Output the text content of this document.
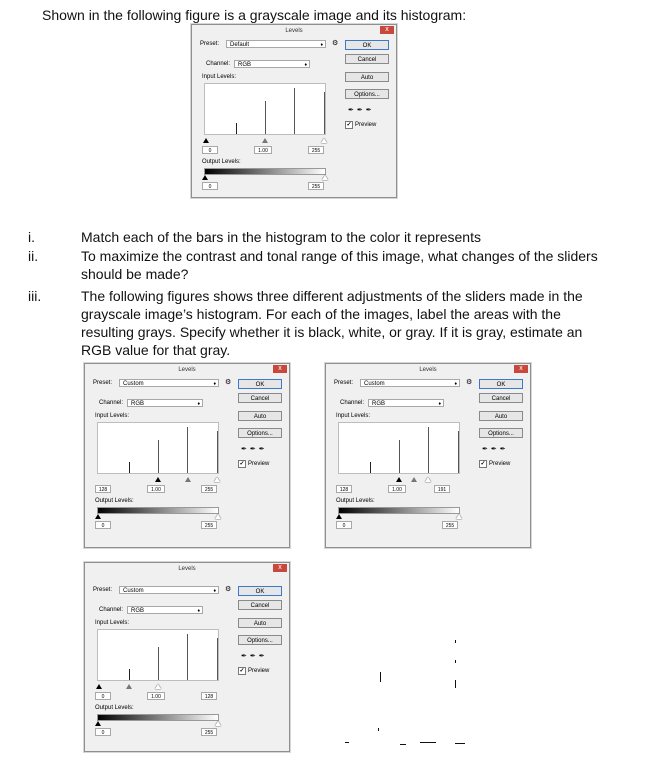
Shown in the following figure is a grayscale image and its histogram:
i.	Match each of the bars in the histogram to the color it represents
ii.	To maximize the contrast and tonal range of this image, what changes of the sliders
should be made?
iii.	The following figures shows three different adjustments of the sliders made in the
grayscale image’s histogram. For each of the images, label the areas with the
resulting grays. Specify whether it is black, white, or gray. If it is gray, estimate an
RGB value for that gray.
Levels	x
Preset:	Default	♦ ⚙
Channel:	RGB	♦
Input Levels:
0	1.00	255
Output Levels:
0	255
OK
Cancel
Auto
Options...
✒✒✒
✓ Preview
Levels	x
Preset:	Custom	♦ ⚙
Channel:	RGB	♦
Input Levels:
128	1.00	255
Output Levels:
0	255
OK
Cancel
Auto
Options...
✒✒✒
✓ Preview
Levels	x
Preset:	Custom	♦ ⚙
Channel:	RGB	♦
Input Levels:
128	1.00	191
Output Levels:
0	255
OK
Cancel
Auto
Options...
✒✒✒
✓ Preview
Levels	x
Preset:	Custom	♦ ⚙
Channel:	RGB	♦
Input Levels:
0	1.00	128
Output Levels:
0	255
OK
Cancel
Auto
Options...
✒✒✒
✓ Preview
